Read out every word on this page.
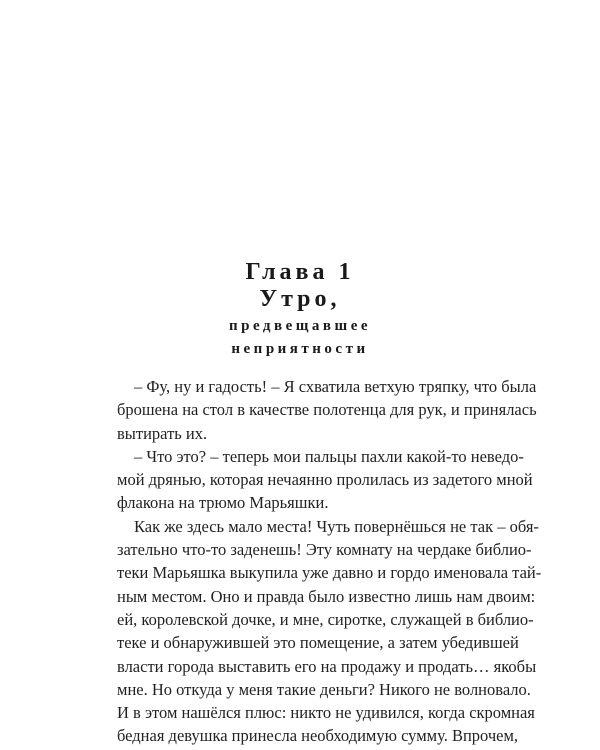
Глава 1
Утро,
предвещавшее
неприятности
– Фу, ну и гадость! – Я схватила ветхую тряпку, что была
брошена на стол в качестве полотенца для рук, и принялась
вытирать их.
– Что это? – теперь мои пальцы пахли какой-то неведо-
мой дрянью, которая нечаянно пролилась из задетого мной
флакона на трюмо Марьяшки.
Как же здесь мало места! Чуть повернёшься не так – обя-
зательно что-то заденешь! Эту комнату на чердаке библио-
теки Марьяшка выкупила уже давно и гордо именовала тай-
ным местом. Оно и правда было известно лишь нам двоим:
ей, королевской дочке, и мне, сиротке, служащей в библио-
теке и обнаружившей это помещение, а затем убедившей
власти города выставить его на продажу и продать… якобы
мне. Но откуда у меня такие деньги? Никого не волновало.
И в этом нашёлся плюс: никто не удивился, когда скромная
бедная девушка принесла необходимую сумму. Впрочем,
